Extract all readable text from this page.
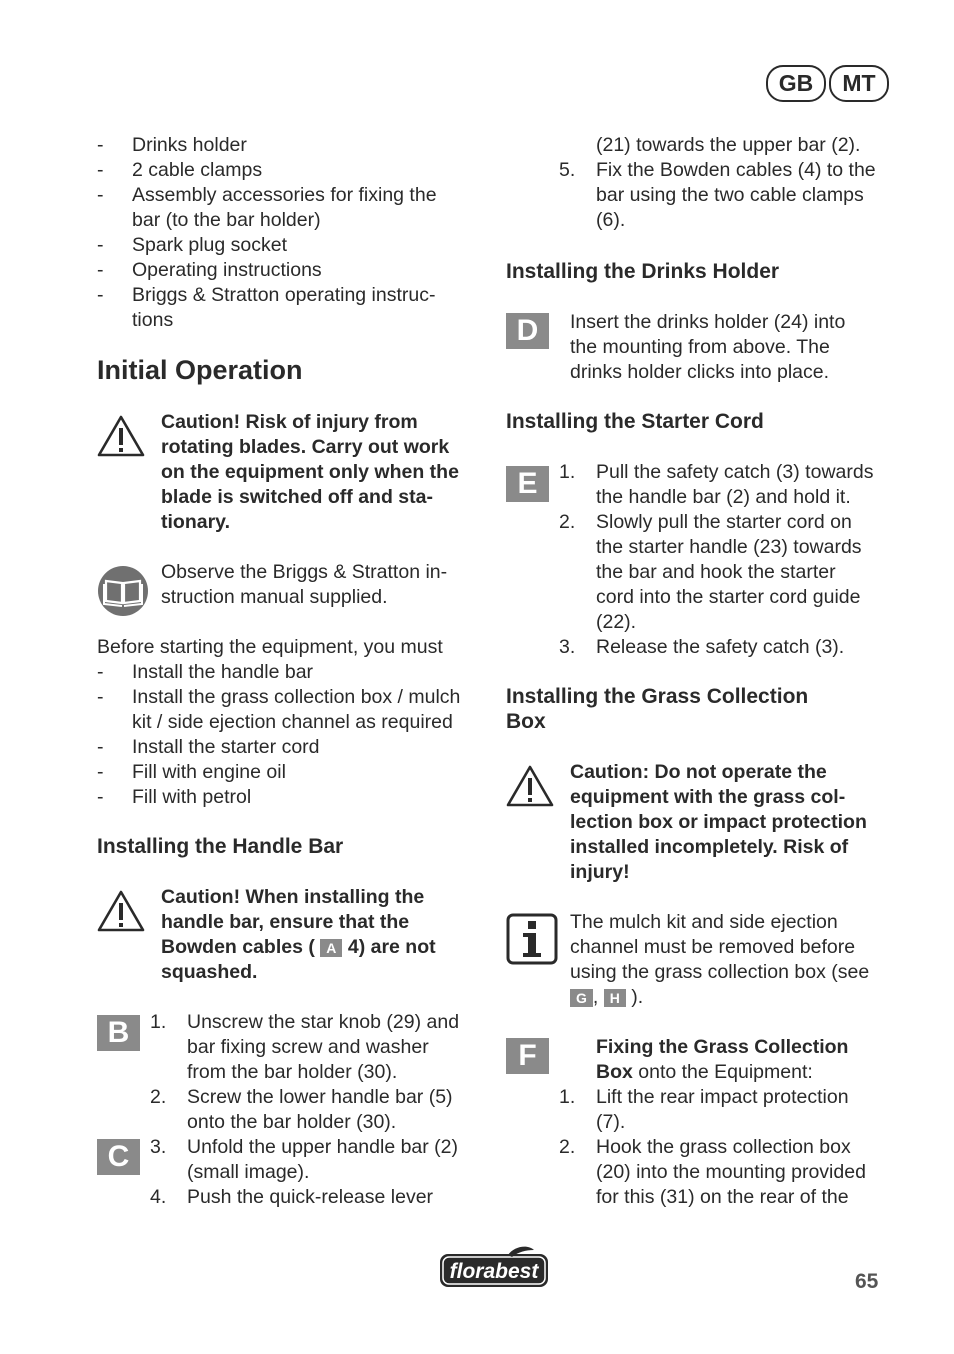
GB	MT
- Drinks holder
- 2 cable clamps
- Assembly accessories for fixing the
bar (to the bar holder)
- Spark plug socket
- Operating instructions
- Briggs & Stratton operating instruc-
tions
Initial Operation
Caution! Risk of injury from
rotating blades. Carry out work
on the equipment only when the
blade is switched off and sta-
tionary.
Observe the Briggs & Stratton in-
struction manual supplied.
Before starting the equipment, you must
- Install the handle bar
- Install the grass collection box / mulch
kit / side ejection channel as required
- Install the starter cord
- Fill with engine oil
- Fill with petrol
Installing the Handle Bar
Caution! When installing the
handle bar, ensure that the
Bowden cables ( A 4) are not
squashed.
B
C
1. Unscrew the star knob (29) and
bar fixing screw and washer
from the bar holder (30).
2. Screw the lower handle bar (5)
onto the bar holder (30).
3. Unfold the upper handle bar (2)
(small image).
4. Push the quick-release lever
(21) towards the upper bar (2).
5. Fix the Bowden cables (4) to the
bar using the two cable clamps
(6).
Installing the Drinks Holder
D	Insert the drinks holder (24) into
the mounting from above. The
drinks holder clicks into place.
Installing the Starter Cord
E	1. Pull the safety catch (3) towards
the handle bar (2) and hold it.
2. Slowly pull the starter cord on
the starter handle (23) towards
the bar and hook the starter
cord into the starter cord guide
(22).
3. Release the safety catch (3).
Installing the Grass Collection
Box
Caution: Do not operate the
equipment with the grass col-
lection box or impact protection
installed incompletely. Risk of
injury!
The mulch kit and side ejection
channel must be removed before
using the grass collection box (see
G , H ).
F	Fixing the Grass Collection
Box onto the Equipment:
1. Lift the rear impact protection
(7).
2. Hook the grass collection box
(20) into the mounting provided
for this (31) on the rear of the
florabest	65
